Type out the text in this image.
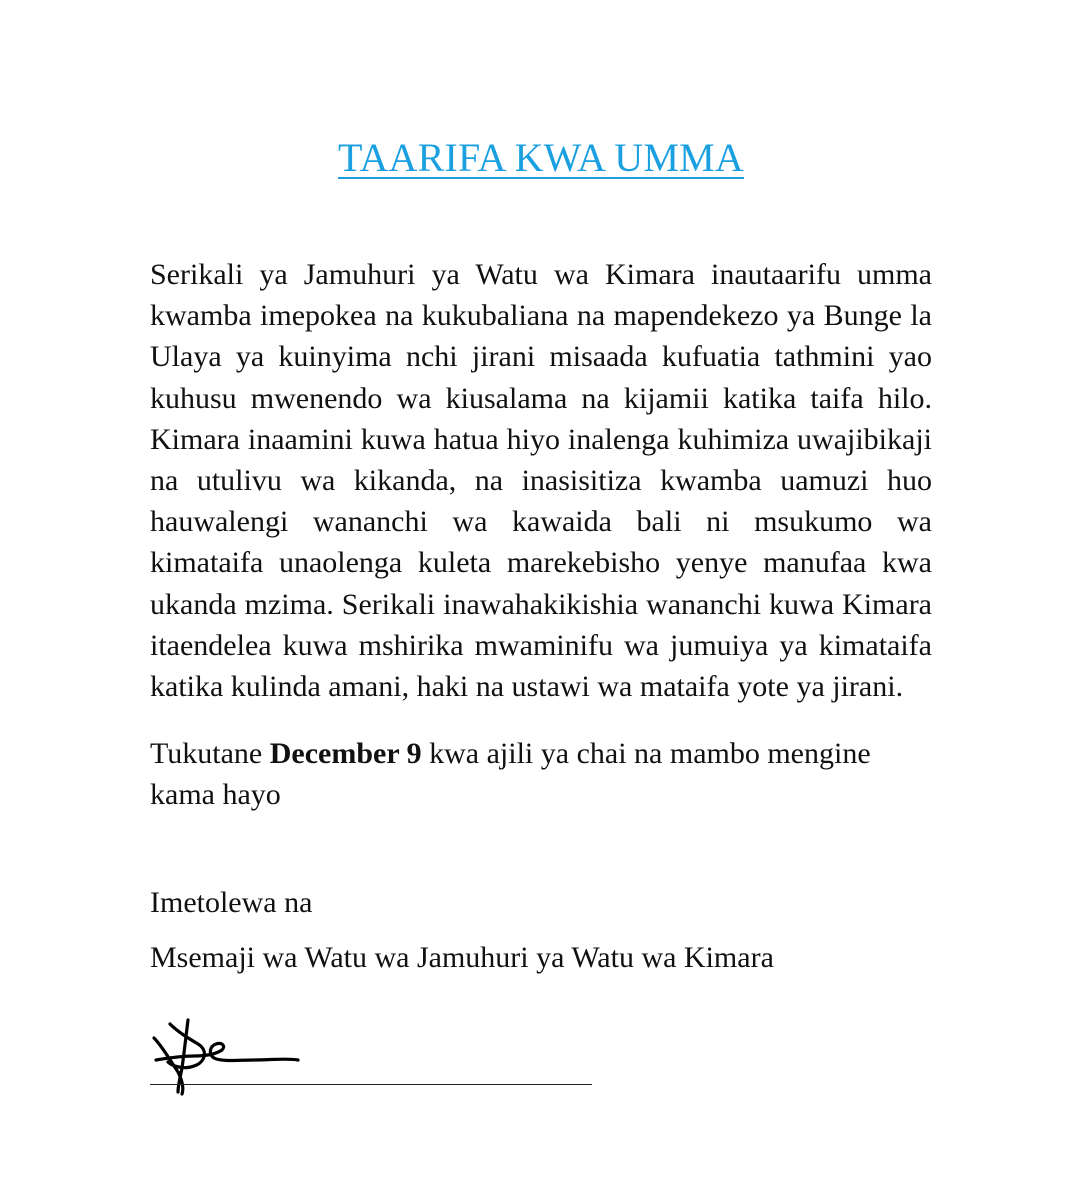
TAARIFA KWA UMMA

Serikali ya Jamuhuri ya Watu wa Kimara inautaarifu umma kwamba imepokea na kukubaliana na mapendekezo ya Bunge la Ulaya ya kuinyima nchi jirani misaada kufuatia tathmini yao kuhusu mwenendo wa kiusalama na kijamii katika taifa hilo. Kimara inaamini kuwa hatua hiyo inalenga kuhimiza uwajibikaji na utulivu wa kikanda, na inasisitiza kwamba uamuzi huo hauwalengi wananchi wa kawaida bali ni msukumo wa kimataifa unaolenga kuleta marekebisho yenye manufaa kwa ukanda mzima. Serikali inawahakikishia wananchi kuwa Kimara itaendelea kuwa mshirika mwaminifu wa jumuiya ya kimataifa katika kulinda amani, haki na ustawi wa mataifa yote ya jirani.

Tukutane December 9 kwa ajili ya chai na mambo mengine kama hayo

Imetolewa na

Msemaji wa Watu wa Jamuhuri ya Watu wa Kimara
